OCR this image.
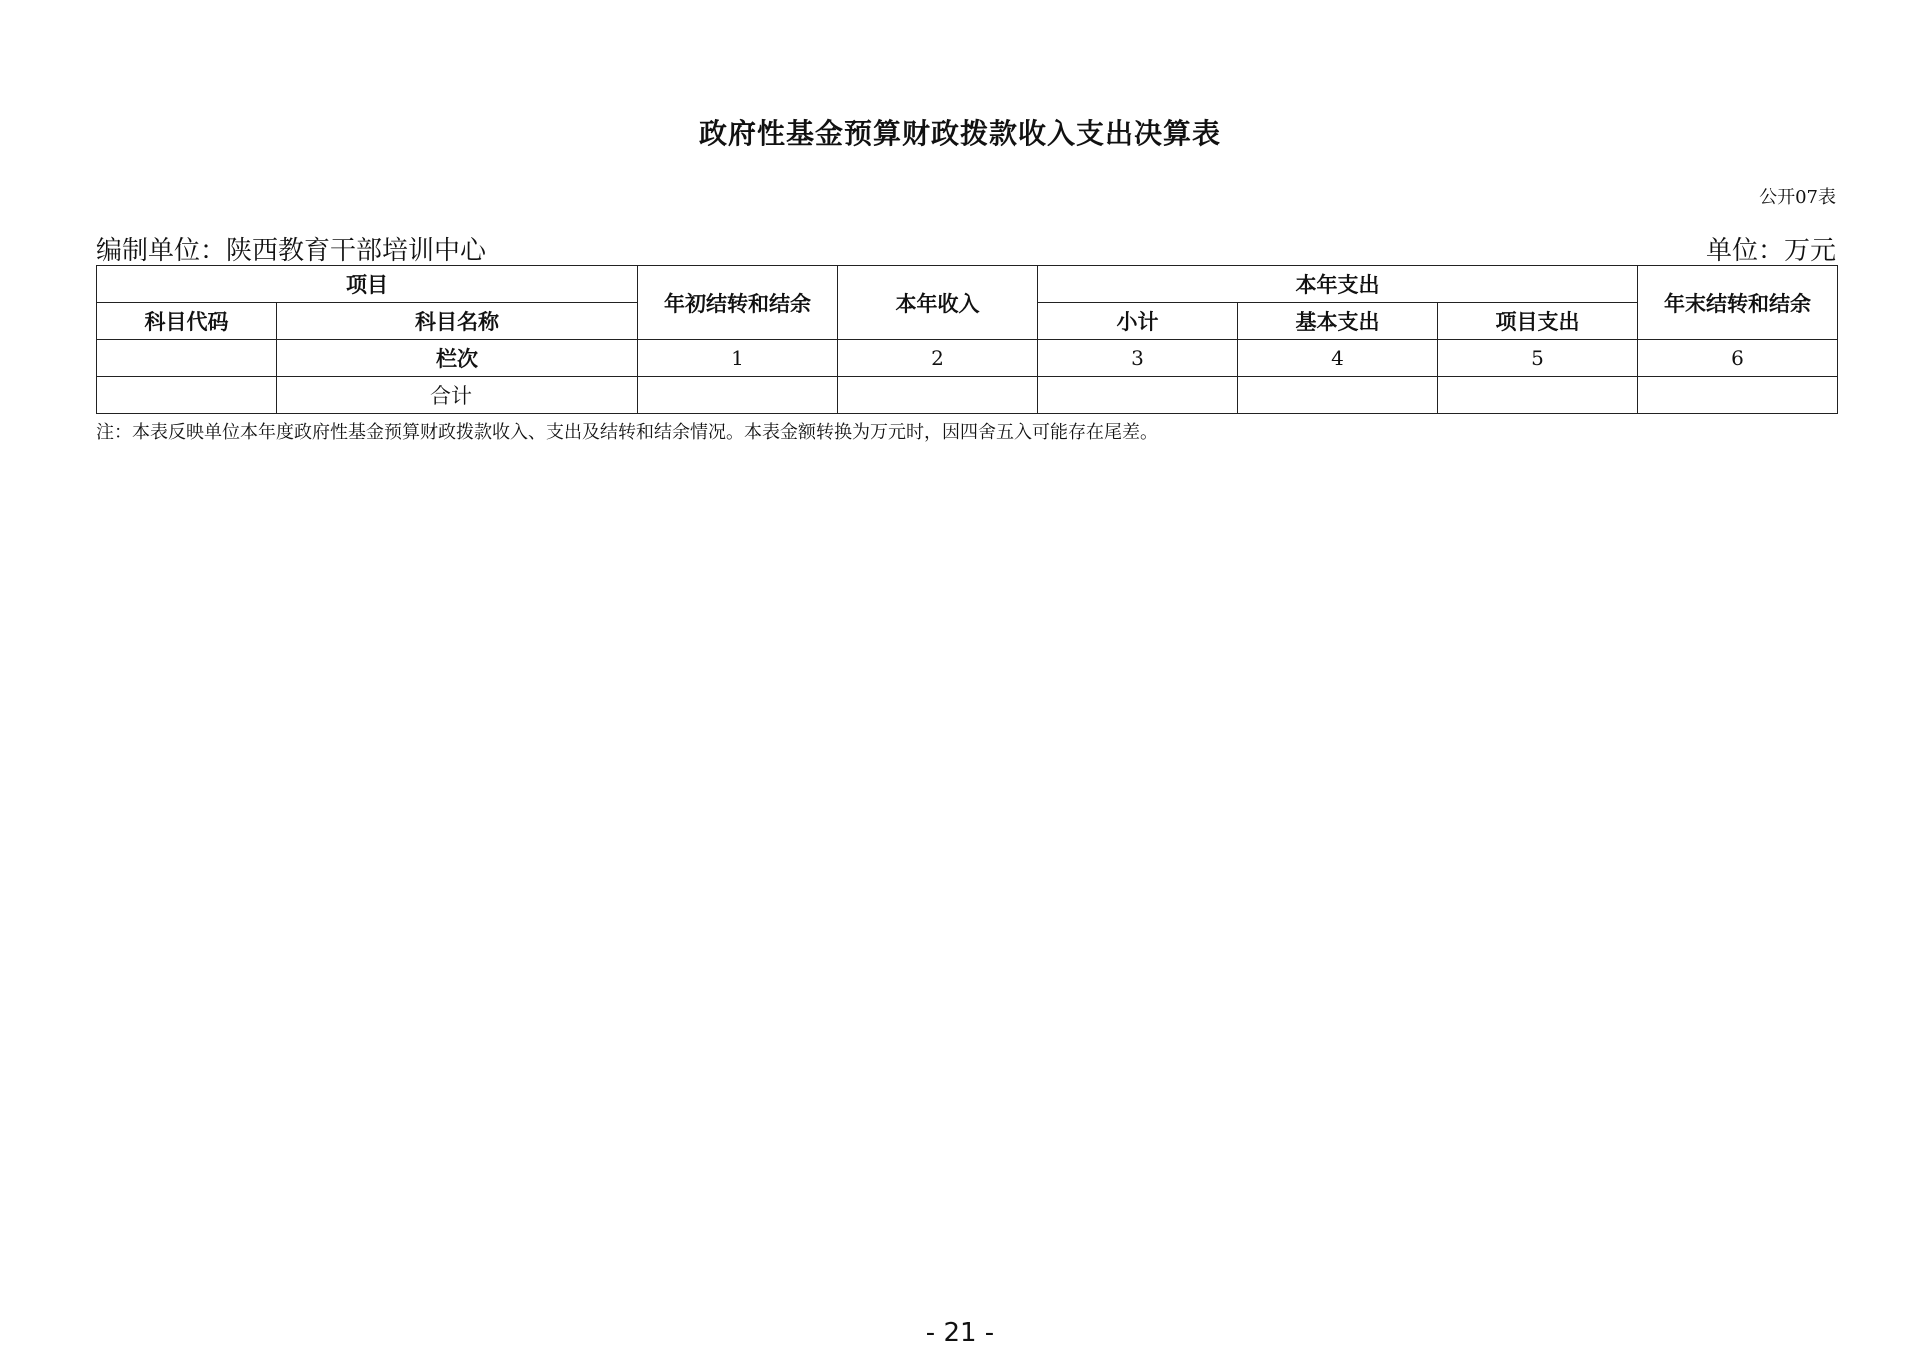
政府性基金预算财政拨款收入支出决算表
公开07表
编制单位：陕西教育干部培训中心	单位：万元
项目		年初结转和结余	本年收入	本年支出			年末结转和结余
科目代码	科目名称			小计	基本支出	项目支出	
	栏次	1	2	3	4	5	6
	合计						
注：本表反映单位本年度政府性基金预算财政拨款收入、支出及结转和结余情况。本表金额转换为万元时，因四舍五入可能存在尾差。
- 21 -
